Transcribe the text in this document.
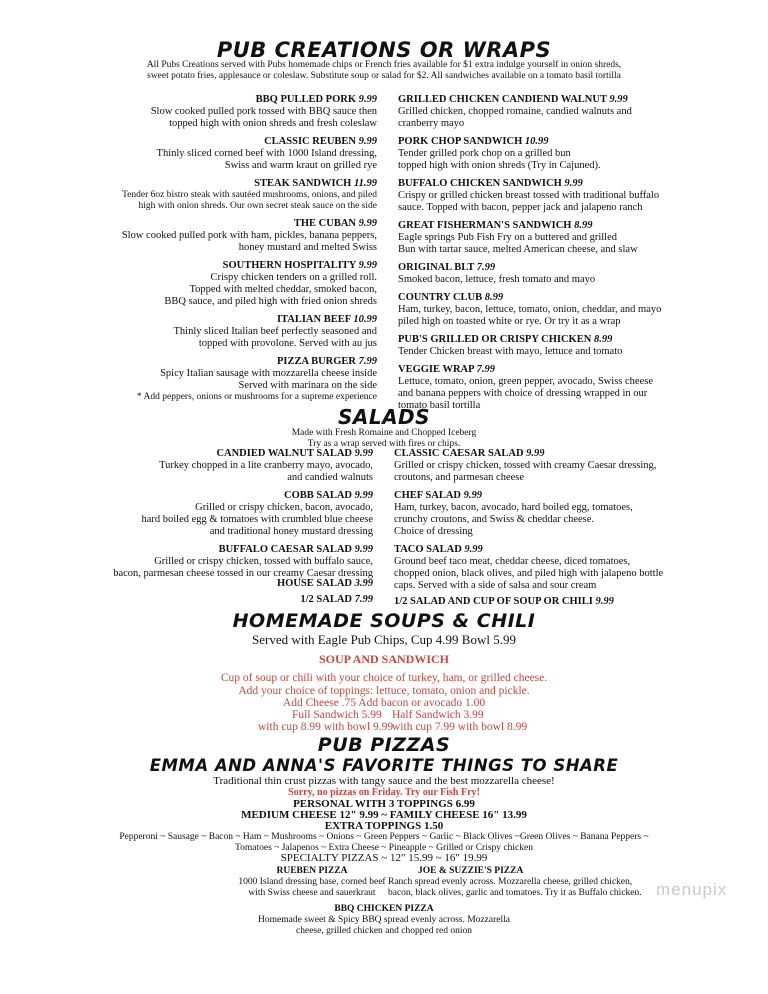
PUB CREATIONS OR WRAPS
All Pubs Creations served with Pubs homemade chips or French fries available for $1 extra indulge yourself in onion shreds,
sweet potato fries, applesauce or coleslaw. Substitute soup or salad for $2. All sandwiches available on a tomato basil tortilla
BBQ PULLED PORK 9.99
Slow cooked pulled pork tossed with BBQ sauce then
topped high with onion shreds and fresh coleslaw
CLASSIC REUBEN 9.99
Thinly sliced corned beef with 1000 Island dressing,
Swiss and warm kraut on grilled rye
STEAK SANDWICH 11.99
Tender 6oz bistro steak with sautéed mushrooms, onions, and piled
high with onion shreds. Our own secret steak sauce on the side
THE CUBAN 9.99
Slow cooked pulled pork with ham, pickles, banana peppers,
honey mustard and melted Swiss
SOUTHERN HOSPITALITY 9.99
Crispy chicken tenders on a grilled roll.
Topped with melted cheddar, smoked bacon,
BBQ sauce, and piled high with fried onion shreds
ITALIAN BEEF 10.99
Thinly sliced Italian beef perfectly seasoned and
topped with provolone. Served with au jus
PIZZA BURGER 7.99
Spicy Italian sausage with mozzarella cheese inside
Served with marinara on the side
* Add peppers, onions or mushrooms for a supreme experience
GRILLED CHICKEN CANDIEND WALNUT 9.99
Grilled chicken, chopped romaine, candied walnuts and
cranberry mayo
PORK CHOP SANDWICH 10.99
Tender grilled pork chop on a grilled bun
topped high with onion shreds (Try in Cajuned).
BUFFALO CHICKEN SANDWICH 9.99
Crispy or grilled chicken breast tossed with traditional buffalo
sauce. Topped with bacon, pepper jack and jalapeno ranch
GREAT FISHERMAN'S SANDWICH 8.99
Eagle springs Pub Fish Fry on a buttered and grilled
Bun with tartar sauce, melted American cheese, and slaw
ORIGINAL BLT 7.99
Smoked bacon, lettuce, fresh tomato and mayo
COUNTRY CLUB 8.99
Ham, turkey, bacon, lettuce, tomato, onion, cheddar, and mayo
piled high on toasted white or rye. Or try it as a wrap
PUB'S GRILLED OR CRISPY CHICKEN 8.99
Tender Chicken breast with mayo, lettuce and tomato
VEGGIE WRAP 7.99
Lettuce, tomato, onion, green pepper, avocado, Swiss cheese
and banana peppers with choice of dressing wrapped in our
tomato basil tortilla
SALADS
Made with Fresh Romaine and Chopped Iceberg
Try as a wrap served with fires or chips.
CANDIED WALNUT SALAD 9.99
Turkey chopped in a lite cranberry mayo, avocado,
and candied walnuts
COBB SALAD 9.99
Grilled or crispy chicken, bacon, avocado,
hard boiled egg & tomatoes with crumbled blue cheese
and traditional honey mustard dressing
BUFFALO CAESAR SALAD 9.99
Grilled or crispy chicken, tossed with buffalo sauce,
bacon, parmesan cheese tossed in our creamy Caesar dressing
CLASSIC CAESAR SALAD 9.99
Grilled or crispy chicken, tossed with creamy Caesar dressing,
croutons, and parmesan cheese
CHEF SALAD 9.99
Ham, turkey, bacon, avocado, hard boiled egg, tomatoes,
crunchy croutons, and Swiss & cheddar cheese.
Choice of dressing
TACO SALAD 9.99
Ground beef taco meat, cheddar cheese, diced tomatoes,
chopped onion, black olives, and piled high with jalapeno bottle
caps. Served with a side of salsa and sour cream
HOUSE SALAD 3.99
1/2 SALAD 7.99 1/2 SALAD AND CUP OF SOUP OR CHILI 9.99
HOMEMADE SOUPS & CHILI
Served with Eagle Pub Chips, Cup 4.99 Bowl 5.99
SOUP AND SANDWICH
Cup of soup or chili with your choice of turkey, ham, or grilled cheese.
Add your choice of toppings: lettuce, tomato, onion and pickle.
Add Cheese .75 Add bacon or avocado 1.00
Full Sandwich 5.99 Half Sandwich 3.99
with cup 8.99 with bowl 9.99
with cup 7.99 with bowl 8.99
PUB PIZZAS
EMMA AND ANNA'S FAVORITE THINGS TO SHARE
Traditional thin crust pizzas with tangy sauce and the best mozzarella cheese!
Sorry, no pizzas on Friday. Try our Fish Fry!
PERSONAL WITH 3 TOPPINGS 6.99
MEDIUM CHEESE 12" 9.99 ~ FAMILY CHEESE 16" 13.99
EXTRA TOPPINGS 1.50
Pepperoni ~ Sausage ~ Bacon ~ Ham ~ Mushrooms ~ Onions ~ Green Peppers ~ Garlic ~ Black Olives ~Green Olives ~ Banana Peppers ~
Tomatoes ~ Jalapenos ~ Extra Cheese ~ Pineapple ~ Grilled or Crispy chicken
SPECIALTY PIZZAS ~ 12" 15.99 ~ 16" 19.99
RUEBEN PIZZA
1000 Island dressing base, corned beef
with Swiss cheese and sauerkraut
JOE & SUZZIE'S PIZZA
Ranch spread evenly across. Mozzarella cheese, grilled chicken,
bacon, black olives, garlic and tomatoes. Try it as Buffalo chicken.
BBQ CHICKEN PIZZA
Homemade sweet & Spicy BBQ spread evenly across. Mozzarella
cheese, grilled chicken and chopped red onion
menupix
